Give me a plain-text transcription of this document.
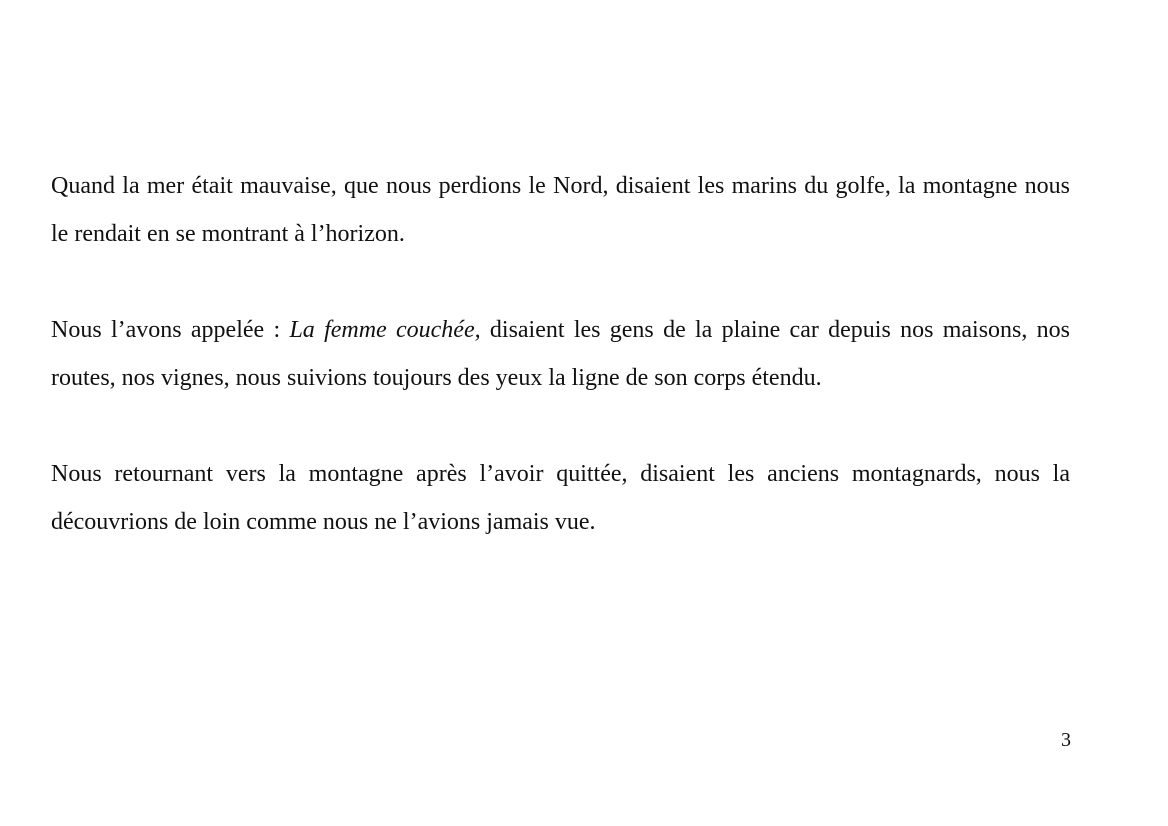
Quand la mer était mauvaise, que nous perdions le Nord, disaient les marins du golfe, la montagne nous le rendait en se montrant à l’horizon.

Nous l’avons appelée : La femme couchée, disaient les gens de la plaine car depuis nos maisons, nos routes, nos vignes, nous suivions toujours des yeux la ligne de son corps étendu.

Nous retournant vers la montagne après l’avoir quittée, disaient les anciens montagnards, nous la découvrions de loin comme nous ne l’avions jamais vue.

3
